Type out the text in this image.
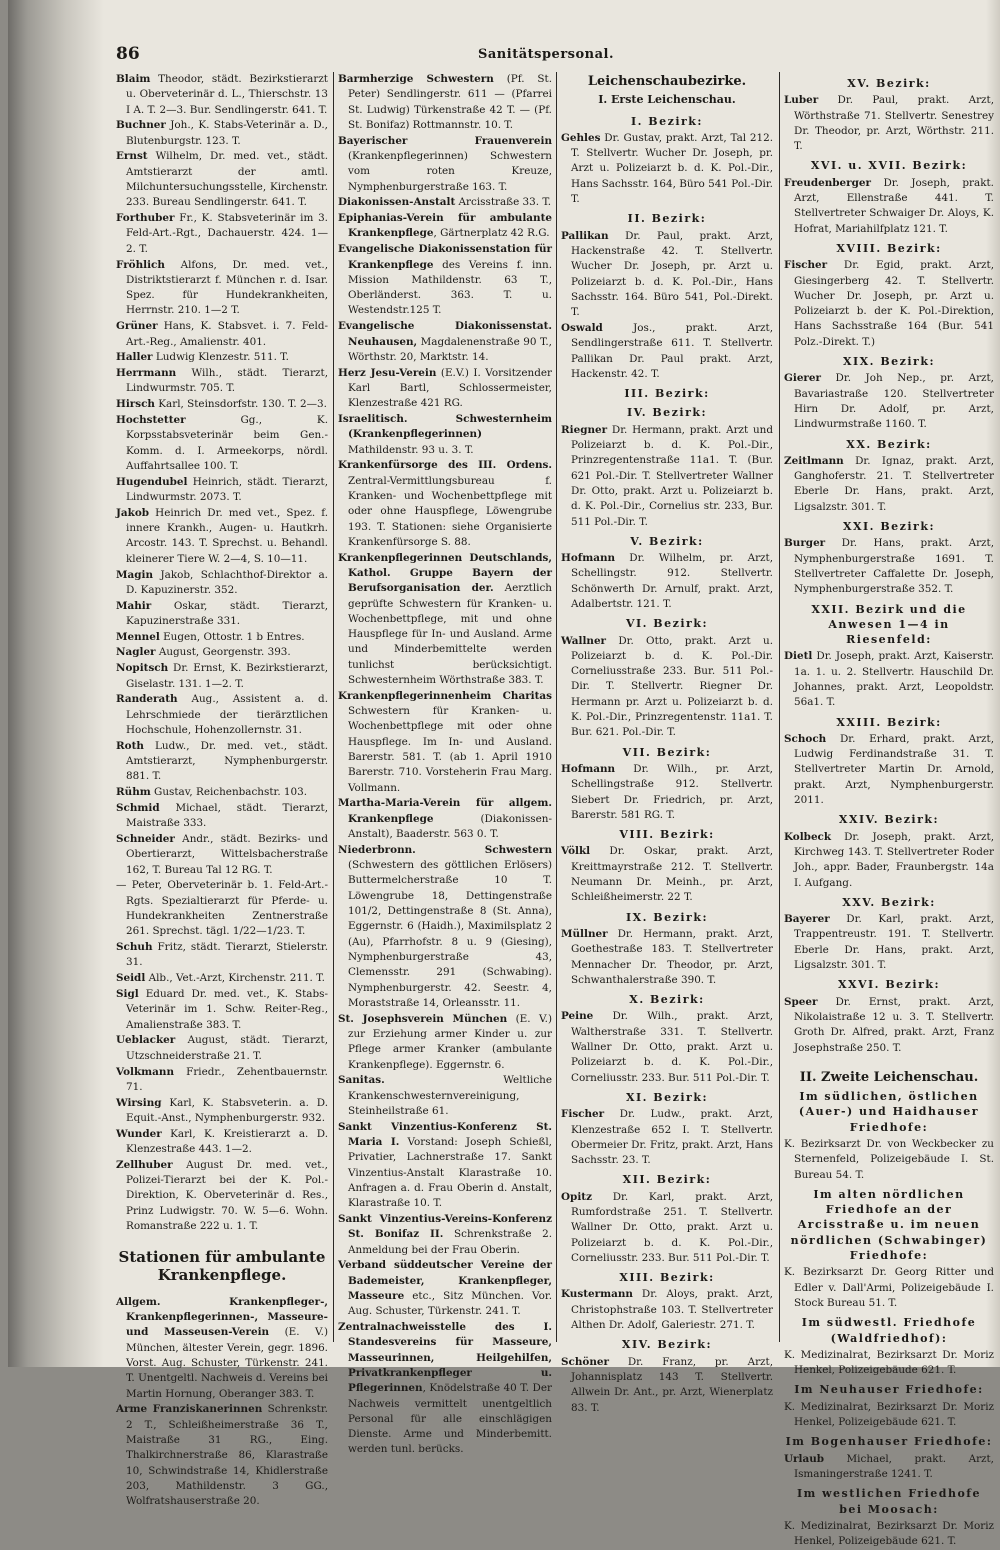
86	Sanitätspersonal.
Blaim Theodor, städt. Bezirkstierarzt u. Oberveterinär d. L., Thierschstr. 13 I A. T. 2—3. Bur. Sendlingerstr. 641. T.
Buchner Joh., K. Stabs-Veterinär a. D., Blutenburgstr. 123. T.
Ernst Wilhelm, Dr. med. vet., städt. Amtstierarzt der amtl. Milchuntersuchungsstelle, Kirchenstr. 233. Bureau Sendlingerstr. 641. T.
Forthuber Fr., K. Stabsveterinär im 3. Feld-Art.-Rgt., Dachauerstr. 424. 1—2. T.
Fröhlich Alfons, Dr. med. vet., Distriktstierarzt f. München r. d. Isar. Spez. für Hundekrankheiten, Herrnstr. 210. 1—2 T.
Grüner Hans, K. Stabsvet. i. 7. Feld-Art.-Reg., Amalienstr. 401.
Haller Ludwig Klenzestr. 511. T.
Herrmann Wilh., städt. Tierarzt, Lindwurmstr. 705. T.
Hirsch Karl, Steinsdorfstr. 130. T. 2—3.
Hochstetter Gg., K. Korpsstabsveterinär beim Gen.-Komm. d. I. Armeekorps, nördl. Auffahrtsallee 100. T.
Hugendubel Heinrich, städt. Tierarzt, Lindwurmstr. 2073. T.
Jakob Heinrich Dr. med vet., Spez. f. innere Krankh., Augen- u. Hautkrh. Arcostr. 143. T. Sprechst. u. Behandl. kleinerer Tiere W. 2—4, S. 10—11.
Magin Jakob, Schlachthof-Direktor a. D. Kapuzinerstr. 352.
Mahir Oskar, städt. Tierarzt, Kapuzinerstraße 331.
Mennel Eugen, Ottostr. 1 b Entres.
Nagler August, Georgenstr. 393.
Nopitsch Dr. Ernst, K. Bezirkstierarzt, Giselastr. 131. 1—2. T.
Randerath Aug., Assistent a. d. Lehrschmiede der tierärztlichen Hochschule, Hohenzollernstr. 31.
Roth Ludw., Dr. med. vet., städt. Amtstierarzt, Nymphenburgerstr. 881. T.
Rühm Gustav, Reichenbachstr. 103.
Schmid Michael, städt. Tierarzt, Maistraße 333.
Schneider Andr., städt. Bezirks- und Obertierarzt, Wittelsbacherstraße 162, T. Bureau Tal 12 RG. T.
— Peter, Oberveterinär b. 1. Feld-Art.-Rgts. Spezialtierarzt für Pferde- u. Hundekrankheiten Zentnerstraße 261. Sprechst. tägl. 1/22—1/23. T.
Schuh Fritz, städt. Tierarzt, Stielerstr. 31.
Seidl Alb., Vet.-Arzt, Kirchenstr. 211. T.
Sigl Eduard Dr. med. vet., K. Stabs-Veterinär im 1. Schw. Reiter-Reg., Amalienstraße 383. T.
Ueblacker August, städt. Tierarzt, Utzschneiderstraße 21. T.
Volkmann Friedr., Zehentbauernstr. 71.
Wirsing Karl, K. Stabsveterin. a. D. Equit.-Anst., Nymphenburgerstr. 932.
Wunder Karl, K. Kreistierarzt a. D. Klenzestraße 443. 1—2.
Zellhuber August Dr. med. vet., Polizei-Tierarzt bei der K. Pol.-Direktion, K. Oberveterinär d. Res., Prinz Ludwigstr. 70. W. 5—6. Wohn. Romanstraße 222 u. 1. T.
Stationen für ambulante
Krankenpflege.
Allgem. Krankenpfleger-, Krankenpflegerinnen-, Masseure- und Masseusen-Verein (E. V.) München, ältester Verein, gegr. 1896. Vorst. Aug. Schuster, Türkenstr. 241. T. Unentgeltl. Nachweis d. Vereins bei Martin Hornung, Oberanger 383. T.
Arme Franziskanerinnen Schrenkstr. 2 T., Schleißheimerstraße 36 T., Maistraße 31 RG., Eing. Thalkirchnerstraße 86, Klarastraße 10, Schwindstraße 14, Khidlerstraße 203, Mathildenstr. 3 GG., Wolfratshauserstraße 20.
Barmherzige Schwestern (Pf. St. Peter) Sendlingerstr. 611 — (Pfarrei St. Ludwig) Türkenstraße 42 T. — (Pf. St. Bonifaz) Rottmannstr. 10. T.
Bayerischer Frauenverein (Krankenpflegerinnen) Schwestern vom roten Kreuze, Nymphenburgerstraße 163. T.
Diakonissen-Anstalt Arcisstraße 33. T.
Epiphanias-Verein für ambulante Krankenpflege, Gärtnerplatz 42 R.G.
Evangelische Diakonissenstation für Krankenpflege des Vereins f. inn. Mission Mathildenstr. 63 T., Oberländerst. 363. T. u. Westendstr.125 T.
Evangelische Diakonissenstat. Neuhausen, Magdalenenstraße 90 T., Wörthstr. 20, Marktstr. 14.
Herz Jesu-Verein (E.V.) I. Vorsitzender Karl Bartl, Schlossermeister, Klenzestraße 421 RG.
Israelitisch. Schwesternheim (Krankenpflegerinnen) Mathildenstr. 93 u. 3. T.
Krankenfürsorge des III. Ordens. Zentral-Vermittlungsbureau f. Kranken- und Wochenbettpflege mit oder ohne Hauspflege, Löwengrube 193. T. Stationen: siehe Organisierte Krankenfürsorge S. 88.
Krankenpflegerinnen Deutschlands, Kathol. Gruppe Bayern der Berufsorganisation der. Aerztlich geprüfte Schwestern für Kranken- u. Wochenbettpflege, mit und ohne Hauspflege für In- und Ausland. Arme und Minderbemittelte werden tunlichst berücksichtigt. Schwesternheim Wörthstraße 383. T.
Krankenpflegerinnenheim Charitas Schwestern für Kranken- u. Wochenbettpflege mit oder ohne Hauspflege. Im In- und Ausland. Barerstr. 581. T. (ab 1. April 1910 Barerstr. 710. Vorsteherin Frau Marg. Vollmann.
Martha-Maria-Verein für allgem. Krankenpflege (Diakonissen-Anstalt), Baaderstr. 563 0. T.
Niederbronn. Schwestern (Schwestern des göttlichen Erlösers) Buttermelcherstraße 10 T. Löwengrube 18, Dettingenstraße 101/2, Dettingenstraße 8 (St. Anna), Eggernstr. 6 (Haidh.), Maximilsplatz 2 (Au), Pfarrhofstr. 8 u. 9 (Giesing), Nymphenburgerstraße 43, Clemensstr. 291 (Schwabing). Nymphenburgerstr. 42. Seestr. 4, Moraststraße 14, Orleansstr. 11.
St. Josephsverein München (E. V.) zur Erziehung armer Kinder u. zur Pflege armer Kranker (ambulante Krankenpflege). Eggernstr. 6.
Sanitas. Weltliche Krankenschwesternvereinigung, Steinheilstraße 61.
Sankt Vinzentius-Konferenz St. Maria I. Vorstand: Joseph Schießl, Privatier, Lachnerstraße 17. Sankt Vinzentius-Anstalt Klarastraße 10. Anfragen a. d. Frau Oberin d. Anstalt, Klarastraße 10. T.
Sankt Vinzentius-Vereins-Konferenz St. Bonifaz II. Schrenkstraße 2. Anmeldung bei der Frau Oberin.
Verband süddeutscher Vereine der Bademeister, Krankenpfleger, Masseure etc., Sitz München. Vor. Aug. Schuster, Türkenstr. 241. T.
Zentralnachweisstelle des I. Standesvereins für Masseure, Masseurinnen, Heilgehilfen, Privatkrankenpfleger u. Pflegerinnen, Knödelstraße 40 T. Der Nachweis vermittelt unentgeltlich Personal für alle einschlägigen Dienste. Arme und Minderbemitt. werden tunl. berücks.
Leichenschaubezirke.
I. Erste Leichenschau.
I. Bezirk:
Gehles Dr. Gustav, prakt. Arzt, Tal 212. T. Stellvertr. Wucher Dr. Joseph, pr. Arzt u. Polizeiarzt b. d. K. Pol.-Dir., Hans Sachsstr. 164, Büro 541 Pol.-Dir. T.
II. Bezirk:
Pallikan Dr. Paul, prakt. Arzt, Hackenstraße 42. T. Stellvertr. Wucher Dr. Joseph, pr. Arzt u. Polizeiarzt b. d. K. Pol.-Dir., Hans Sachsstr. 164. Büro 541, Pol.-Direkt. T.
Oswald Jos., prakt. Arzt, Sendlingerstraße 611. T. Stellvertr. Pallikan Dr. Paul prakt. Arzt, Hackenstr. 42. T.
III. Bezirk:
IV. Bezirk:
Riegner Dr. Hermann, prakt. Arzt und Polizeiarzt b. d. K. Pol.-Dir., Prinzregentenstraße 11a1. T. (Bur. 621 Pol.-Dir. T. Stellvertreter Wallner Dr. Otto, prakt. Arzt u. Polizeiarzt b. d. K. Pol.-Dir., Cornelius str. 233, Bur. 511 Pol.-Dir. T.
V. Bezirk:
Hofmann Dr. Wilhelm, pr. Arzt, Schellingstr. 912. Stellvertr. Schönwerth Dr. Arnulf, prakt. Arzt, Adalbertstr. 121. T.
VI. Bezirk:
Wallner Dr. Otto, prakt. Arzt u. Polizeiarzt b. d. K. Pol.-Dir. Corneliusstraße 233. Bur. 511 Pol.-Dir. T. Stellvertr. Riegner Dr. Hermann pr. Arzt u. Polizeiarzt b. d. K. Pol.-Dir., Prinzregentenstr. 11a1. T. Bur. 621. Pol.-Dir. T.
VII. Bezirk:
Hofmann Dr. Wilh., pr. Arzt, Schellingstraße 912. Stellvertr. Siebert Dr. Friedrich, pr. Arzt, Barerstr. 581 RG. T.
VIII. Bezirk:
Völkl Dr. Oskar, prakt. Arzt, Kreittmayrstraße 212. T. Stellvertr. Neumann Dr. Meinh., pr. Arzt, Schleißheimerstr. 22 T.
IX. Bezirk:
Müllner Dr. Hermann, prakt. Arzt, Goethestraße 183. T. Stellvertreter Mennacher Dr. Theodor, pr. Arzt, Schwanthalerstraße 390. T.
X. Bezirk:
Peine Dr. Wilh., prakt. Arzt, Waltherstraße 331. T. Stellvertr. Wallner Dr. Otto, prakt. Arzt u. Polizeiarzt b. d. K. Pol.-Dir., Corneliusstr. 233. Bur. 511 Pol.-Dir. T.
XI. Bezirk:
Fischer Dr. Ludw., prakt. Arzt, Klenzestraße 652 I. T. Stellvertr. Obermeier Dr. Fritz, prakt. Arzt, Hans Sachsstr. 23. T.
XII. Bezirk:
Opitz Dr. Karl, prakt. Arzt, Rumfordstraße 251. T. Stellvertr. Wallner Dr. Otto, prakt. Arzt u. Polizeiarzt b. d. K. Pol.-Dir., Corneliusstr. 233. Bur. 511 Pol.-Dir. T.
XIII. Bezirk:
Kustermann Dr. Aloys, prakt. Arzt, Christophstraße 103. T. Stellvertreter Althen Dr. Adolf, Galeriestr. 271. T.
XIV. Bezirk:
Schöner Dr. Franz, pr. Arzt, Johannisplatz 143 T. Stellvertr. Allwein Dr. Ant., pr. Arzt, Wienerplatz 83. T.
XV. Bezirk:
Luber Dr. Paul, prakt. Arzt, Wörthstraße 71. Stellvertr. Senestrey Dr. Theodor, pr. Arzt, Wörthstr. 211. T.
XVI. u. XVII. Bezirk:
Freudenberger Dr. Joseph, prakt. Arzt, Ellenstraße 441. T. Stellvertreter Schwaiger Dr. Aloys, K. Hofrat, Mariahilfplatz 121. T.
XVIII. Bezirk:
Fischer Dr. Egid, prakt. Arzt, Giesingerberg 42. T. Stellvertr. Wucher Dr. Joseph, pr. Arzt u. Polizeiarzt b. der K. Pol.-Direktion, Hans Sachsstraße 164 (Bur. 541 Polz.-Direkt. T.)
XIX. Bezirk:
Gierer Dr. Joh Nep., pr. Arzt, Bavariastraße 120. Stellvertreter Hirn Dr. Adolf, pr. Arzt, Lindwurmstraße 1160. T.
XX. Bezirk:
Zeitlmann Dr. Ignaz, prakt. Arzt, Ganghoferstr. 21. T. Stellvertreter Eberle Dr. Hans, prakt. Arzt, Ligsalzstr. 301. T.
XXI. Bezirk:
Burger Dr. Hans, prakt. Arzt, Nymphenburgerstraße 1691. T. Stellvertreter Caffalette Dr. Joseph, Nymphenburgerstraße 352. T.
XXII. Bezirk und die Anwesen 1—4 in Riesenfeld:
Dietl Dr. Joseph, prakt. Arzt, Kaiserstr. 1a. 1. u. 2. Stellvertr. Hauschild Dr. Johannes, prakt. Arzt, Leopoldstr. 56a1. T.
XXIII. Bezirk:
Schoch Dr. Erhard, prakt. Arzt, Ludwig Ferdinandstraße 31. T. Stellvertreter Martin Dr. Arnold, prakt. Arzt, Nymphenburgerstr. 2011.
XXIV. Bezirk:
Kolbeck Dr. Joseph, prakt. Arzt, Kirchweg 143. T. Stellvertreter Roder Joh., appr. Bader, Fraunbergstr. 14a I. Aufgang.
XXV. Bezirk:
Bayerer Dr. Karl, prakt. Arzt, Trappentreustr. 191. T. Stellvertr. Eberle Dr. Hans, prakt. Arzt, Ligsalzstr. 301. T.
XXVI. Bezirk:
Speer Dr. Ernst, prakt. Arzt, Nikolaistraße 12 u. 3. T. Stellvertr. Groth Dr. Alfred, prakt. Arzt, Franz Josephstraße 250. T.
II. Zweite Leichenschau.
Im südlichen, östlichen (Auer-) und Haidhauser Friedhofe:
K. Bezirksarzt Dr. von Weckbecker zu Sternenfeld, Polizeigebäude I. St. Bureau 54. T.
Im alten nördlichen Friedhofe an der Arcisstraße u. im neuen nördlichen (Schwabinger) Friedhofe:
K. Bezirksarzt Dr. Georg Ritter und Edler v. Dall'Armi, Polizeigebäude I. Stock Bureau 51. T.
Im südwestl. Friedhofe (Waldfriedhof):
K. Medizinalrat, Bezirksarzt Dr. Moriz Henkel, Polizeigebäude 621. T.
Im Neuhauser Friedhofe:
K. Medizinalrat, Bezirksarzt Dr. Moriz Henkel, Polizeigebäude 621. T.
Im Bogenhauser Friedhofe:
Urlaub Michael, prakt. Arzt, Ismaningerstraße 1241. T.
Im westlichen Friedhofe bei Moosach:
K. Medizinalrat, Bezirksarzt Dr. Moriz Henkel, Polizeigebäude 621. T.
